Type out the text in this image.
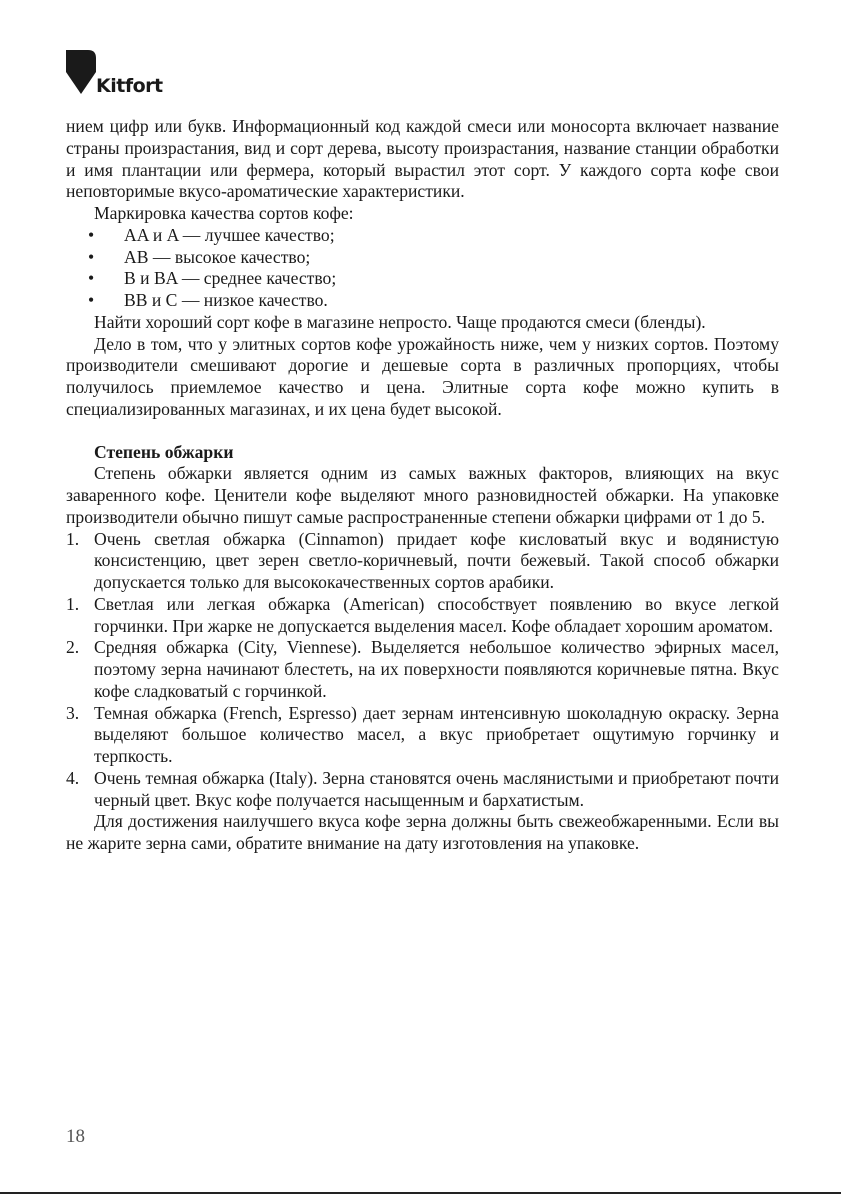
Kitfort

нием цифр или букв. Информационный код каждой смеси или моносорта включает название страны произрастания, вид и сорт дерева, высоту произрастания, название станции обработки и имя плантации или фермера, который вырастил этот сорт. У каждого сорта кофе свои неповторимые вкусо-ароматические характеристики.

Маркировка качества сортов кофе:

• AA и A — лучшее качество;
• AB — высокое качество;
• B и BA — среднее качество;
• BB и C — низкое качество.

Найти хороший сорт кофе в магазине непросто. Чаще продаются смеси (бленды).

Дело в том, что у элитных сортов кофе урожайность ниже, чем у низких сортов. Поэтому производители смешивают дорогие и дешевые сорта в различных пропорциях, чтобы получилось приемлемое качество и цена. Элитные сорта кофе можно купить в специализированных магазинах, и их цена будет высокой.

Степень обжарки

Степень обжарки является одним из самых важных факторов, влияющих на вкус заваренного кофе. Ценители кофе выделяют много разновидностей обжарки. На упаковке производители обычно пишут самые распространенные степени обжарки цифрами от 1 до 5.

1. Очень светлая обжарка (Cinnamon) придает кофе кисловатый вкус и водянистую консистенцию, цвет зерен светло-коричневый, почти бежевый. Такой способ обжарки допускается только для высококачественных сортов арабики.
1. Светлая или легкая обжарка (American) способствует появлению во вкусе легкой горчинки. При жарке не допускается выделения масел. Кофе обладает хорошим ароматом.
2. Средняя обжарка (City, Viennese). Выделяется небольшое количество эфирных масел, поэтому зерна начинают блестеть, на их поверхности появляются коричневые пятна. Вкус кофе сладковатый с горчинкой.
3. Темная обжарка (French, Espresso) дает зернам интенсивную шоколадную окраску. Зерна выделяют большое количество масел, а вкус приобретает ощутимую горчинку и терпкость.
4. Очень темная обжарка (Italy). Зерна становятся очень маслянистыми и приобретают почти черный цвет. Вкус кофе получается насыщенным и бархатистым.

Для достижения наилучшего вкуса кофе зерна должны быть свежеобжаренными. Если вы не жарите зерна сами, обратите внимание на дату изготовления на упаковке.

18
